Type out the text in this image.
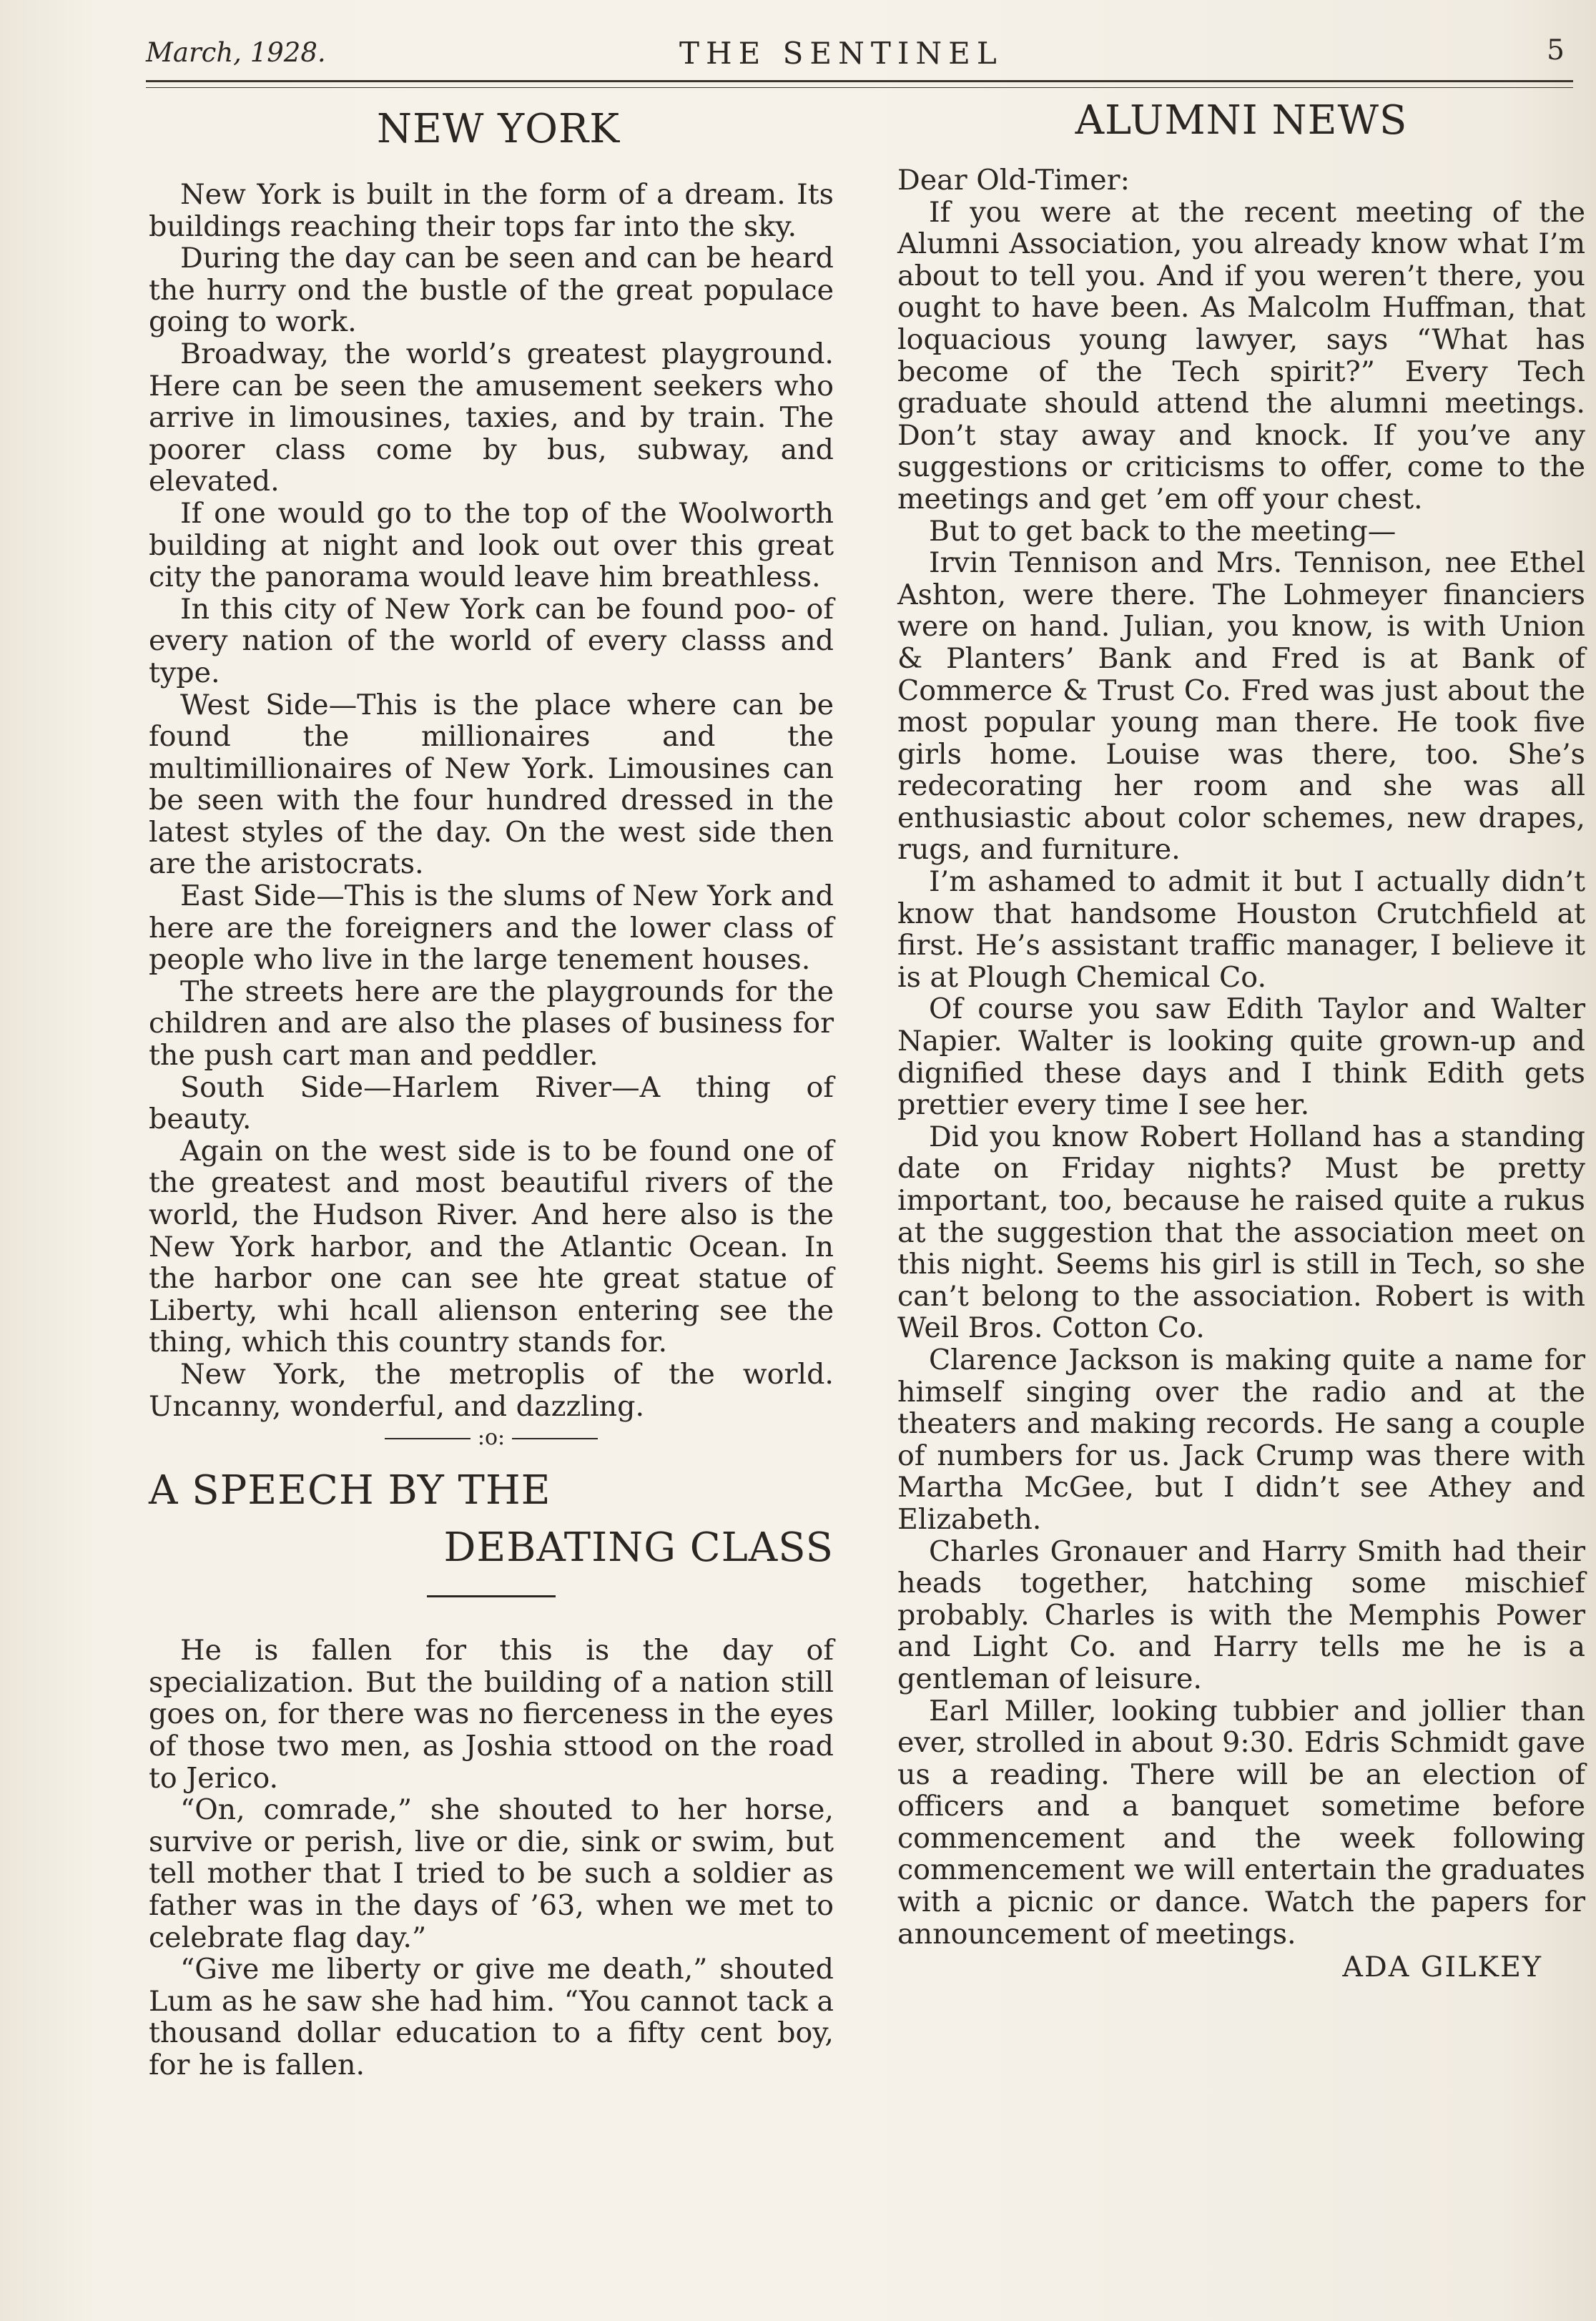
March, 1928.	THE SENTINEL	5
NEW YORK

New York is built in the form of a dream. Its buildings reaching their tops far into the sky.

During the day can be seen and can be heard the hurry ond the bustle of the great populace going to work.

Broadway, the world’s greatest playground. Here can be seen the amusement seekers who arrive in limousines, taxies, and by train. The poorer class come by bus, subway, and elevated.

If one would go to the top of the Woolworth building at night and look out over this great city the panorama would leave him breathless.

In this city of New York can be found poo- of every nation of the world of every classs and type.

West Side—This is the place where can be found the millionaires and the multimillionaires of New York. Limousines can be seen with the four hundred dressed in the latest styles of the day. On the west side then are the aristocrats.

East Side—This is the slums of New York and here are the foreigners and the lower class of people who live in the large tenement houses.

The streets here are the playgrounds for the children and are also the plases of business for the push cart man and peddler.

South Side—Harlem River—A thing of beauty.

Again on the west side is to be found one of the greatest and most beautiful rivers of the world, the Hudson River. And here also is the New York harbor, and the Atlantic Ocean. In the harbor one can see hte great statue of Liberty, whi hcall alienson entering see the thing, which this country stands for.

New York, the metroplis of the world. Uncanny, wonderful, and dazzling.

:o:
A SPEECH BY THE
DEBATING CLASS

He is fallen for this is the day of specialization. But the building of a nation still goes on, for there was no fierceness in the eyes of those two men, as Joshia sttood on the road to Jerico.

“On, comrade,” she shouted to her horse, survive or perish, live or die, sink or swim, but tell mother that I tried to be such a soldier as father was in the days of ’63, when we met to celebrate flag day.”

“Give me liberty or give me death,” shouted Lum as he saw she had him. “You cannot tack a thousand dollar education to a fifty cent boy, for he is fallen.

ALUMNI NEWS

Dear Old-Timer:

If you were at the recent meeting of the Alumni Association, you already know what I’m about to tell you. And if you weren’t there, you ought to have been. As Malcolm Huffman, that loquacious young lawyer, says “What has become of the Tech spirit?” Every Tech graduate should attend the alumni meetings. Don’t stay away and knock. If you’ve any suggestions or criticisms to offer, come to the meetings and get ’em off your chest.

But to get back to the meeting—

Irvin Tennison and Mrs. Tennison, nee Ethel Ashton, were there. The Lohmeyer financiers were on hand. Julian, you know, is with Union & Planters’ Bank and Fred is at Bank of Commerce & Trust Co. Fred was just about the most popular young man there. He took five girls home. Louise was there, too. She’s redecorating her room and she was all enthusiastic about color schemes, new drapes, rugs, and furniture.

I’m ashamed to admit it but I actually didn’t know that handsome Houston Crutchfield at first. He’s assistant traffic manager, I believe it is at Plough Chemical Co.

Of course you saw Edith Taylor and Walter Napier. Walter is looking quite grown-up and dignified these days and I think Edith gets prettier every time I see her.

Did you know Robert Holland has a standing date on Friday nights? Must be pretty important, too, because he raised quite a rukus at the suggestion that the association meet on this night. Seems his girl is still in Tech, so she can’t belong to the association. Robert is with Weil Bros. Cotton Co.

Clarence Jackson is making quite a name for himself singing over the radio and at the theaters and making records. He sang a couple of numbers for us. Jack Crump was there with Martha McGee, but I didn’t see Athey and Elizabeth.

Charles Gronauer and Harry Smith had their heads together, hatching some mischief probably. Charles is with the Memphis Power and Light Co. and Harry tells me he is a gentleman of leisure.

Earl Miller, looking tubbier and jollier than ever, strolled in about 9:30. Edris Schmidt gave us a reading. There will be an election of officers and a banquet sometime before commencement and the week following commencement we will entertain the graduates with a picnic or dance. Watch the papers for announcement of meetings.

ADA GILKEY
